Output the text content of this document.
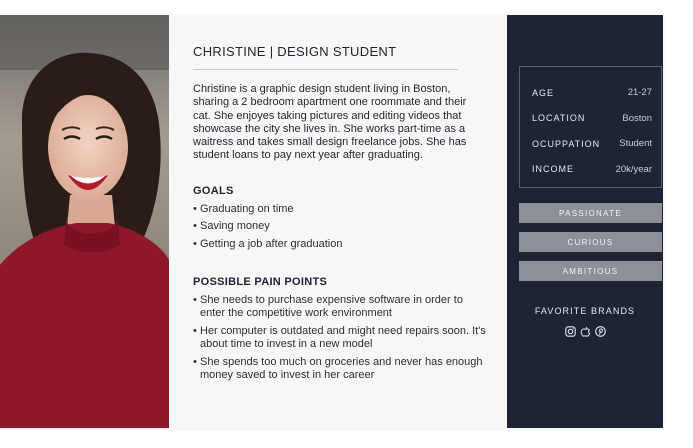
CHRISTINE | DESIGN STUDENT

Christine is a graphic design student living in Boston, sharing a 2 bedroom apartment one roommate and their cat. She enjoyes taking pictures and editing videos that showcase the city she lives in. She works part-time as a waitress and takes small design freelance jobs. She has student loans to pay next year after graduating.

GOALS
• Graduating on time
• Saving money
• Getting a job after graduation
POSSIBLE PAIN POINTS
• She needs to purchase expensive software in order to enter the competitive work environment
• Her computer is outdated and might need repairs soon. It's about time to invest in a new model
• She spends too much on groceries and never has enough money saved to invest in her career
AGE	21-27
LOCATION	Boston
OCUPPATION Student
INCOME	20k/year
PASSIONATE
CURIOUS
AMBITIOUS
FAVORITE BRANDS
